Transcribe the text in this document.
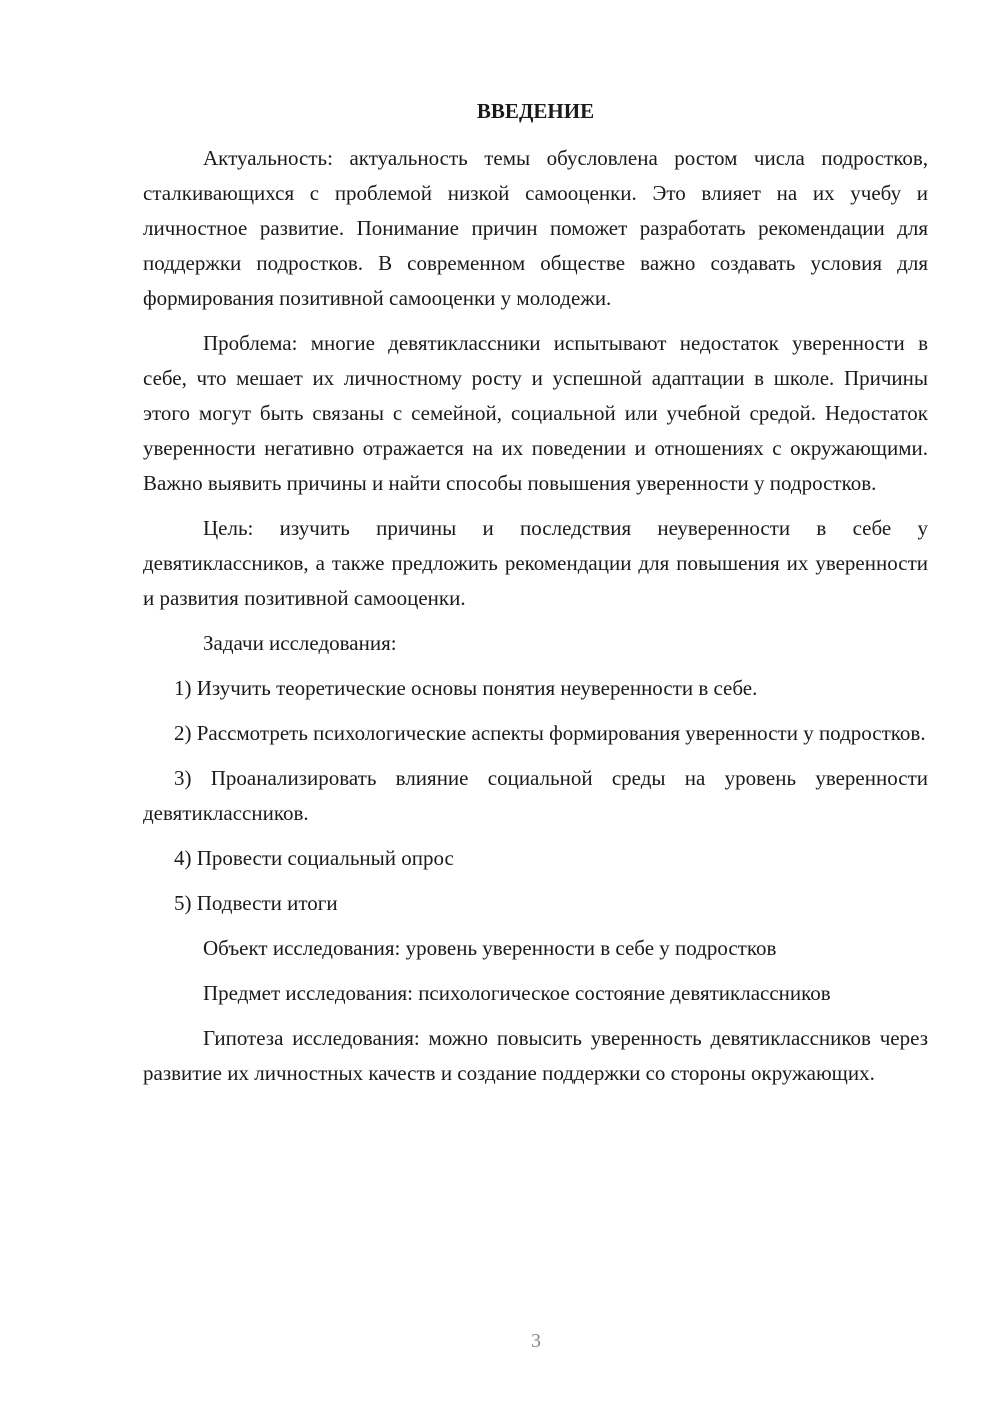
ВВЕДЕНИЕ

Актуальность: актуальность темы обусловлена ростом числа подростков, сталкивающихся с проблемой низкой самооценки. Это влияет на их учебу и личностное развитие. Понимание причин поможет разработать рекомендации для поддержки подростков. В современном обществе важно создавать условия для формирования позитивной самооценки у молодежи.

Проблема: многие девятиклассники испытывают недостаток уверенности в себе, что мешает их личностному росту и успешной адаптации в школе. Причины этого могут быть связаны с семейной, социальной или учебной средой. Недостаток уверенности негативно отражается на их поведении и отношениях с окружающими. Важно выявить причины и найти способы повышения уверенности у подростков.

Цель: изучить причины и последствия неуверенности в себе у девятиклассников, а также предложить рекомендации для повышения их уверенности и развития позитивной самооценки.

Задачи исследования:

1) Изучить теоретические основы понятия неуверенности в себе.

2) Рассмотреть психологические аспекты формирования уверенности у подростков.

3) Проанализировать влияние социальной среды на уровень уверенности девятиклассников.

4) Провести социальный опрос

5) Подвести итоги

Объект исследования: уровень уверенности в себе у подростков

Предмет исследования: психологическое состояние девятиклассников

Гипотеза исследования: можно повысить уверенность девятиклассников через развитие их личностных качеств и создание поддержки со стороны окружающих.

3
